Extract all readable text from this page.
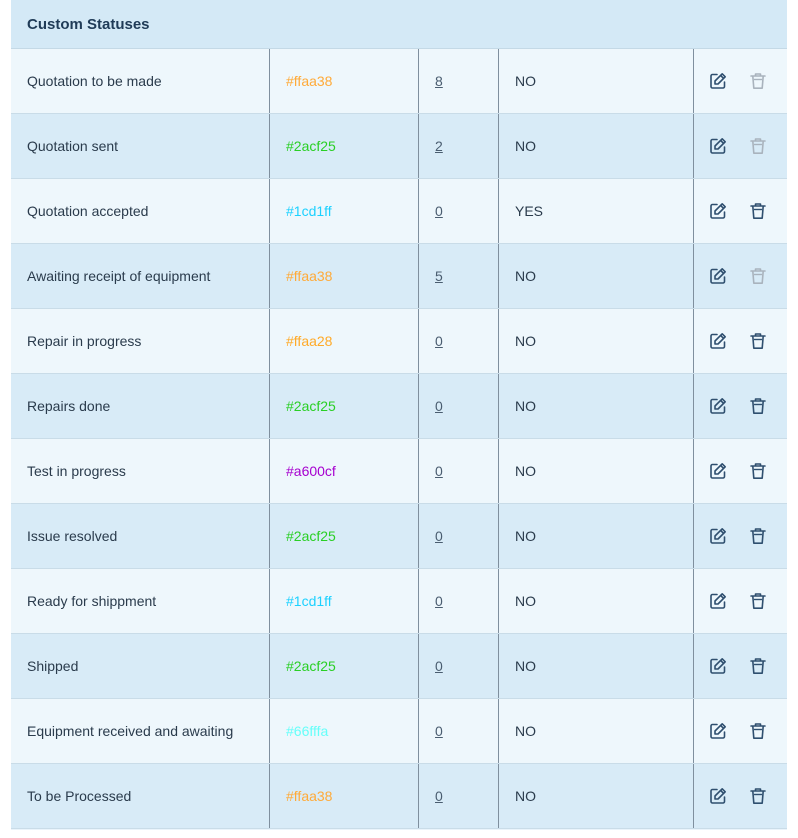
Custom Statuses
Quotation to be made	#ffaa38	8	NO
Quotation sent	#2acf25	2	NO
Quotation accepted	#1cd1ff	0	YES
Awaiting receipt of equipment	#ffaa38	5	NO
Repair in progress	#ffaa28	0	NO
Repairs done	#2acf25	0	NO
Test in progress	#a600cf	0	NO
Issue resolved	#2acf25	0	NO
Ready for shippment	#1cd1ff	0	NO
Shipped	#2acf25	0	NO
Equipment received and awaiting	#66fffa	0	NO
To be Processed	#ffaa38	0	NO
